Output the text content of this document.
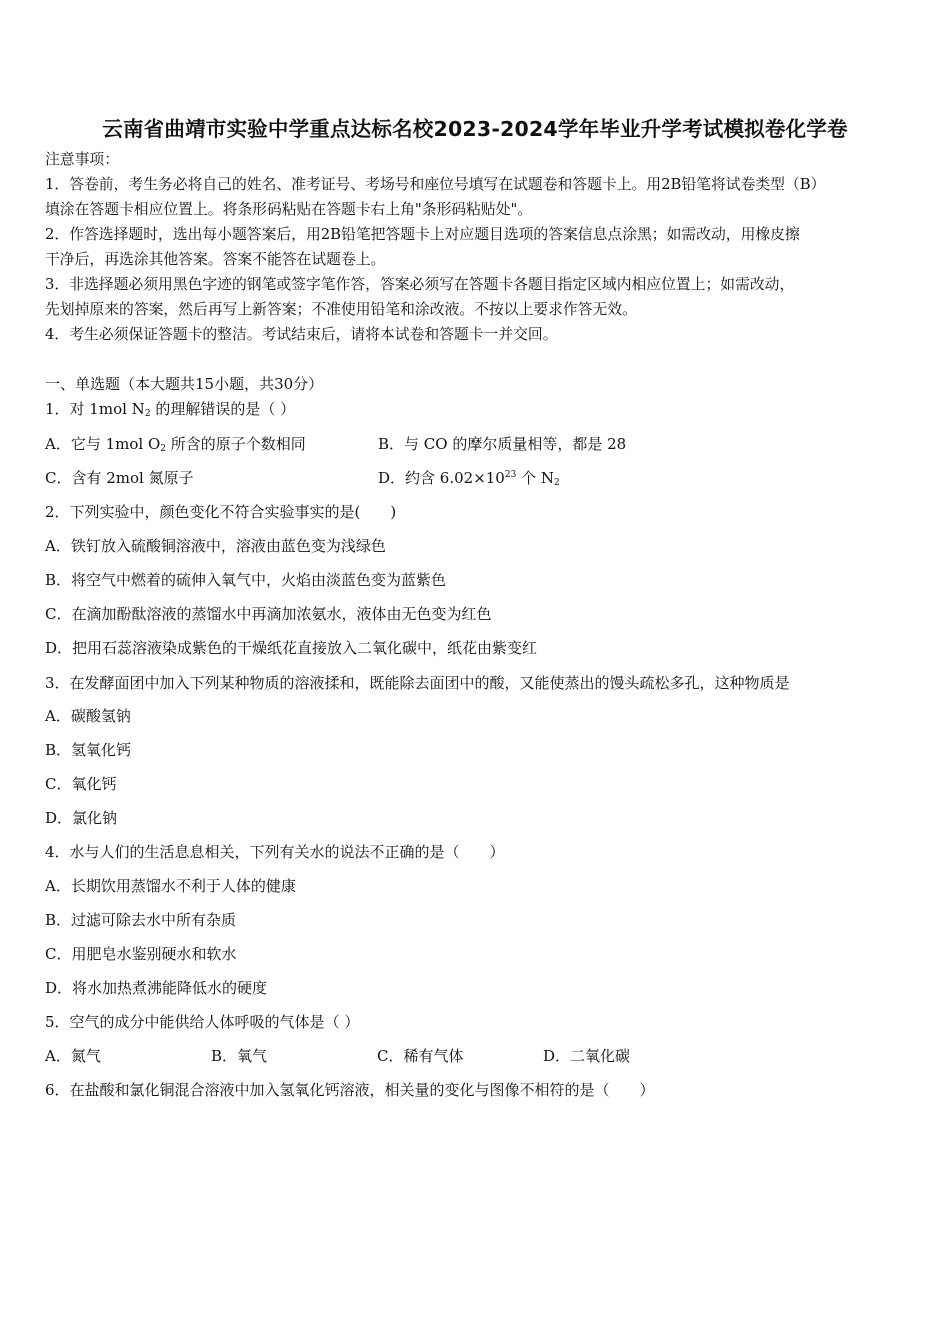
云南省曲靖市实验中学重点达标名校2023-2024学年毕业升学考试模拟卷化学卷
注意事项：
1．答卷前，考生务必将自己的姓名、准考证号、考场号和座位号填写在试题卷和答题卡上。用2B铅笔将试卷类型（B）
填涂在答题卡相应位置上。将条形码粘贴在答题卡右上角"条形码粘贴处"。
2．作答选择题时，选出每小题答案后，用2B铅笔把答题卡上对应题目选项的答案信息点涂黑；如需改动，用橡皮擦
干净后，再选涂其他答案。答案不能答在试题卷上。
3．非选择题必须用黑色字迹的钢笔或签字笔作答，答案必须写在答题卡各题目指定区域内相应位置上；如需改动，
先划掉原来的答案，然后再写上新答案；不准使用铅笔和涂改液。不按以上要求作答无效。
4．考生必须保证答题卡的整洁。考试结束后，请将本试卷和答题卡一并交回。
一、单选题（本大题共15小题，共30分）
1．对 1mol $N_2$ 的理解错误的是（ ）
A．它与 1mol $O_2$ 所含的原子个数相同	B．与 CO 的摩尔质量相等，都是 28
C．含有 2mol 氮原子	D．约含 $6.02\times 10^{23}$ 个 $N_2$
2．下列实验中，颜色变化不符合实验事实的是(　　)
A．铁钉放入硫酸铜溶液中，溶液由蓝色变为浅绿色
B．将空气中燃着的硫伸入氧气中，火焰由淡蓝色变为蓝紫色
C．在滴加酚酞溶液的蒸馏水中再滴加浓氨水，液体由无色变为红色
D．把用石蕊溶液染成紫色的干燥纸花直接放入二氧化碳中，纸花由紫变红
3．在发酵面团中加入下列某种物质的溶液揉和，既能除去面团中的酸，又能使蒸出的馒头疏松多孔，这种物质是
A．碳酸氢钠
B．氢氧化钙
C．氧化钙
D．氯化钠
4．水与人们的生活息息相关，下列有关水的说法不正确的是（　　）
A．长期饮用蒸馏水不利于人体的健康
B．过滤可除去水中所有杂质
C．用肥皂水鉴别硬水和软水
D．将水加热煮沸能降低水的硬度
5．空气的成分中能供给人体呼吸的气体是（ ）
A．氮气	B．氧气	C．稀有气体	D．二氧化碳
6．在盐酸和氯化铜混合溶液中加入氢氧化钙溶液，相关量的变化与图像不相符的是（　　）
